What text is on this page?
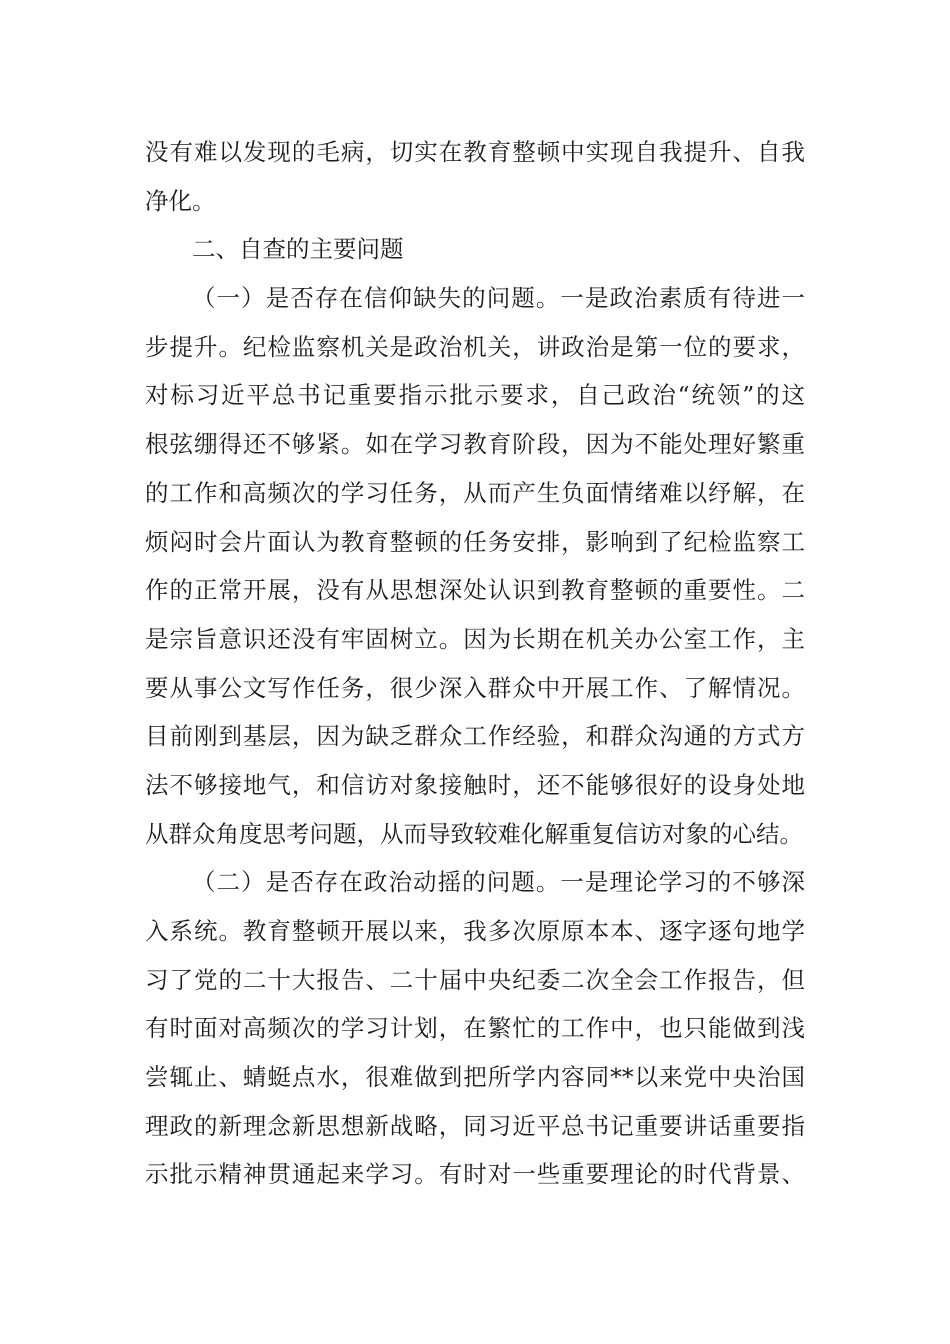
没有难以发现的毛病，切实在教育整顿中实现自我提升、自我
净化。
二、自查的主要问题
（一）是否存在信仰缺失的问题。一是政治素质有待进一
步提升。纪检监察机关是政治机关，讲政治是第一位的要求，
对标习近平总书记重要指示批示要求，自己政治“统领”的这
根弦绷得还不够紧。如在学习教育阶段，因为不能处理好繁重
的工作和高频次的学习任务，从而产生负面情绪难以纾解，在
烦闷时会片面认为教育整顿的任务安排，影响到了纪检监察工
作的正常开展，没有从思想深处认识到教育整顿的重要性。二
是宗旨意识还没有牢固树立。因为长期在机关办公室工作，主
要从事公文写作任务，很少深入群众中开展工作、了解情况。
目前刚到基层，因为缺乏群众工作经验，和群众沟通的方式方
法不够接地气，和信访对象接触时，还不能够很好的设身处地
从群众角度思考问题，从而导致较难化解重复信访对象的心结。
（二）是否存在政治动摇的问题。一是理论学习的不够深
入系统。教育整顿开展以来，我多次原原本本、逐字逐句地学
习了党的二十大报告、二十届中央纪委二次全会工作报告，但
有时面对高频次的学习计划，在繁忙的工作中，也只能做到浅
尝辄止、蜻蜓点水，很难做到把所学内容同**以来党中央治国
理政的新理念新思想新战略，同习近平总书记重要讲话重要指
示批示精神贯通起来学习。有时对一些重要理论的时代背景、
